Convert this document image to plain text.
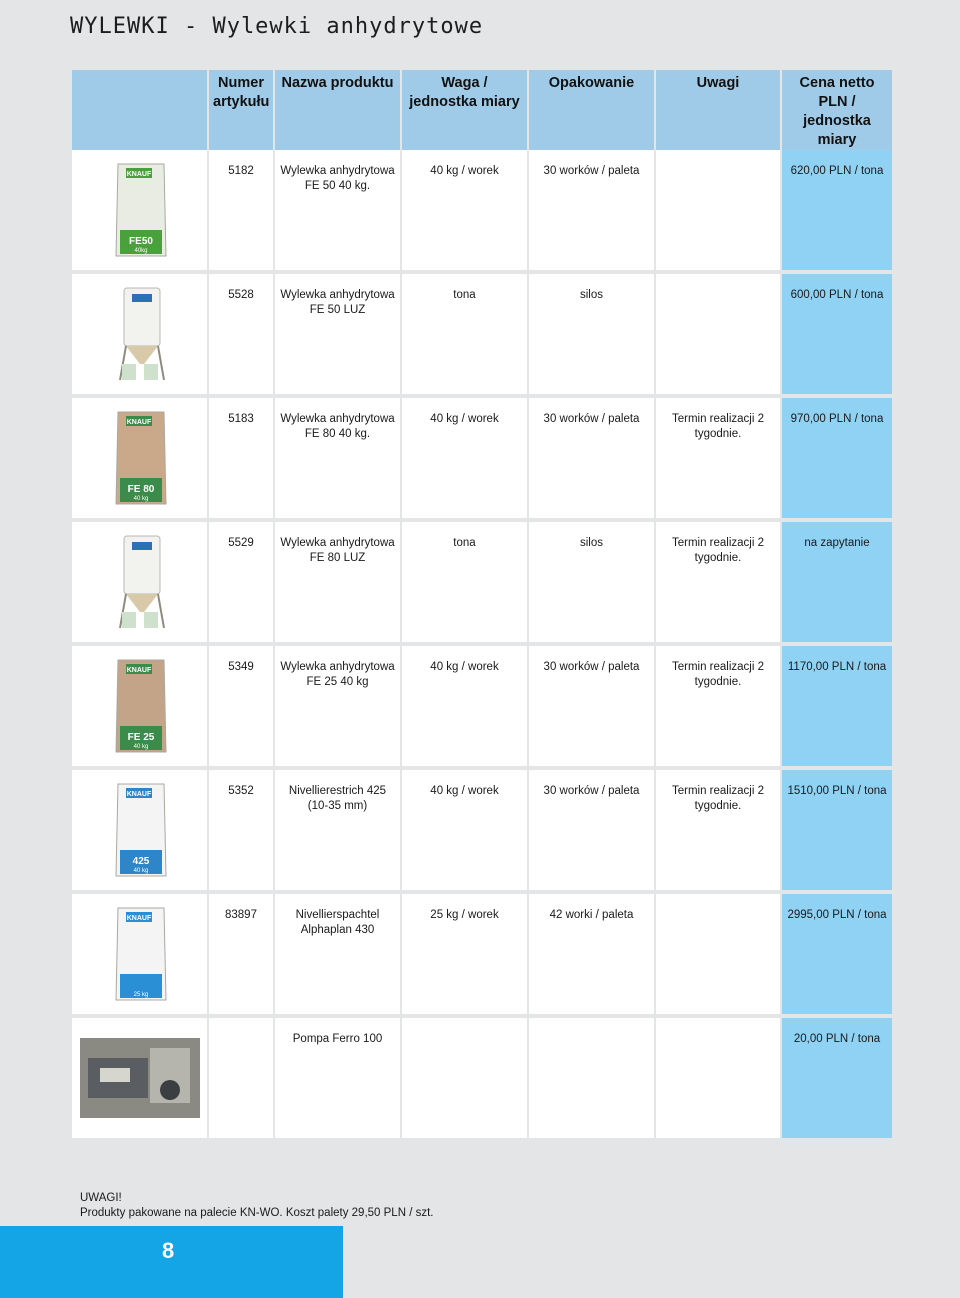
WYLEWKI - Wylewki anhydrytowe
	Numer artykułu	Nazwa produktu	Waga / jednostka miary	Opakowanie	Uwagi	Cena netto PLN / jednostka miary

KNAUF
FE50
40kg	5182	Wylewka anhydrytowa FE 50 40 kg.	40 kg / worek	30 worków / paleta		620,00 PLN / tona

	5528	Wylewka anhydrytowa FE 50 LUZ	tona	silos		600,00 PLN / tona

KNAUF
FE 80
40 kg	5183	Wylewka anhydrytowa FE 80 40 kg.	40 kg / worek	30 worków / paleta	Termin realizacji 2 tygodnie.	970,00 PLN / tona

	5529	Wylewka anhydrytowa FE 80 LUZ	tona	silos	Termin realizacji 2 tygodnie.	na zapytanie

KNAUF
FE 25
40 kg	5349	Wylewka anhydrytowa FE 25 40 kg	40 kg / worek	30 worków / paleta	Termin realizacji 2 tygodnie.	1170,00 PLN / tona

KNAUF
425
40 kg	5352	Nivellierestrich 425 (10-35 mm)	40 kg / worek	30 worków / paleta	Termin realizacji 2 tygodnie.	1510,00 PLN / tona

KNAUF
25 kg	83897	Nivellierspachtel Alphaplan 430	25 kg / worek	42 worki / paleta		2995,00 PLN / tona

		Pompa Ferro 100				20,00 PLN / tona
UWAGI!
Produkty pakowane na palecie KN-WO. Koszt palety 29,50 PLN / szt.
8
